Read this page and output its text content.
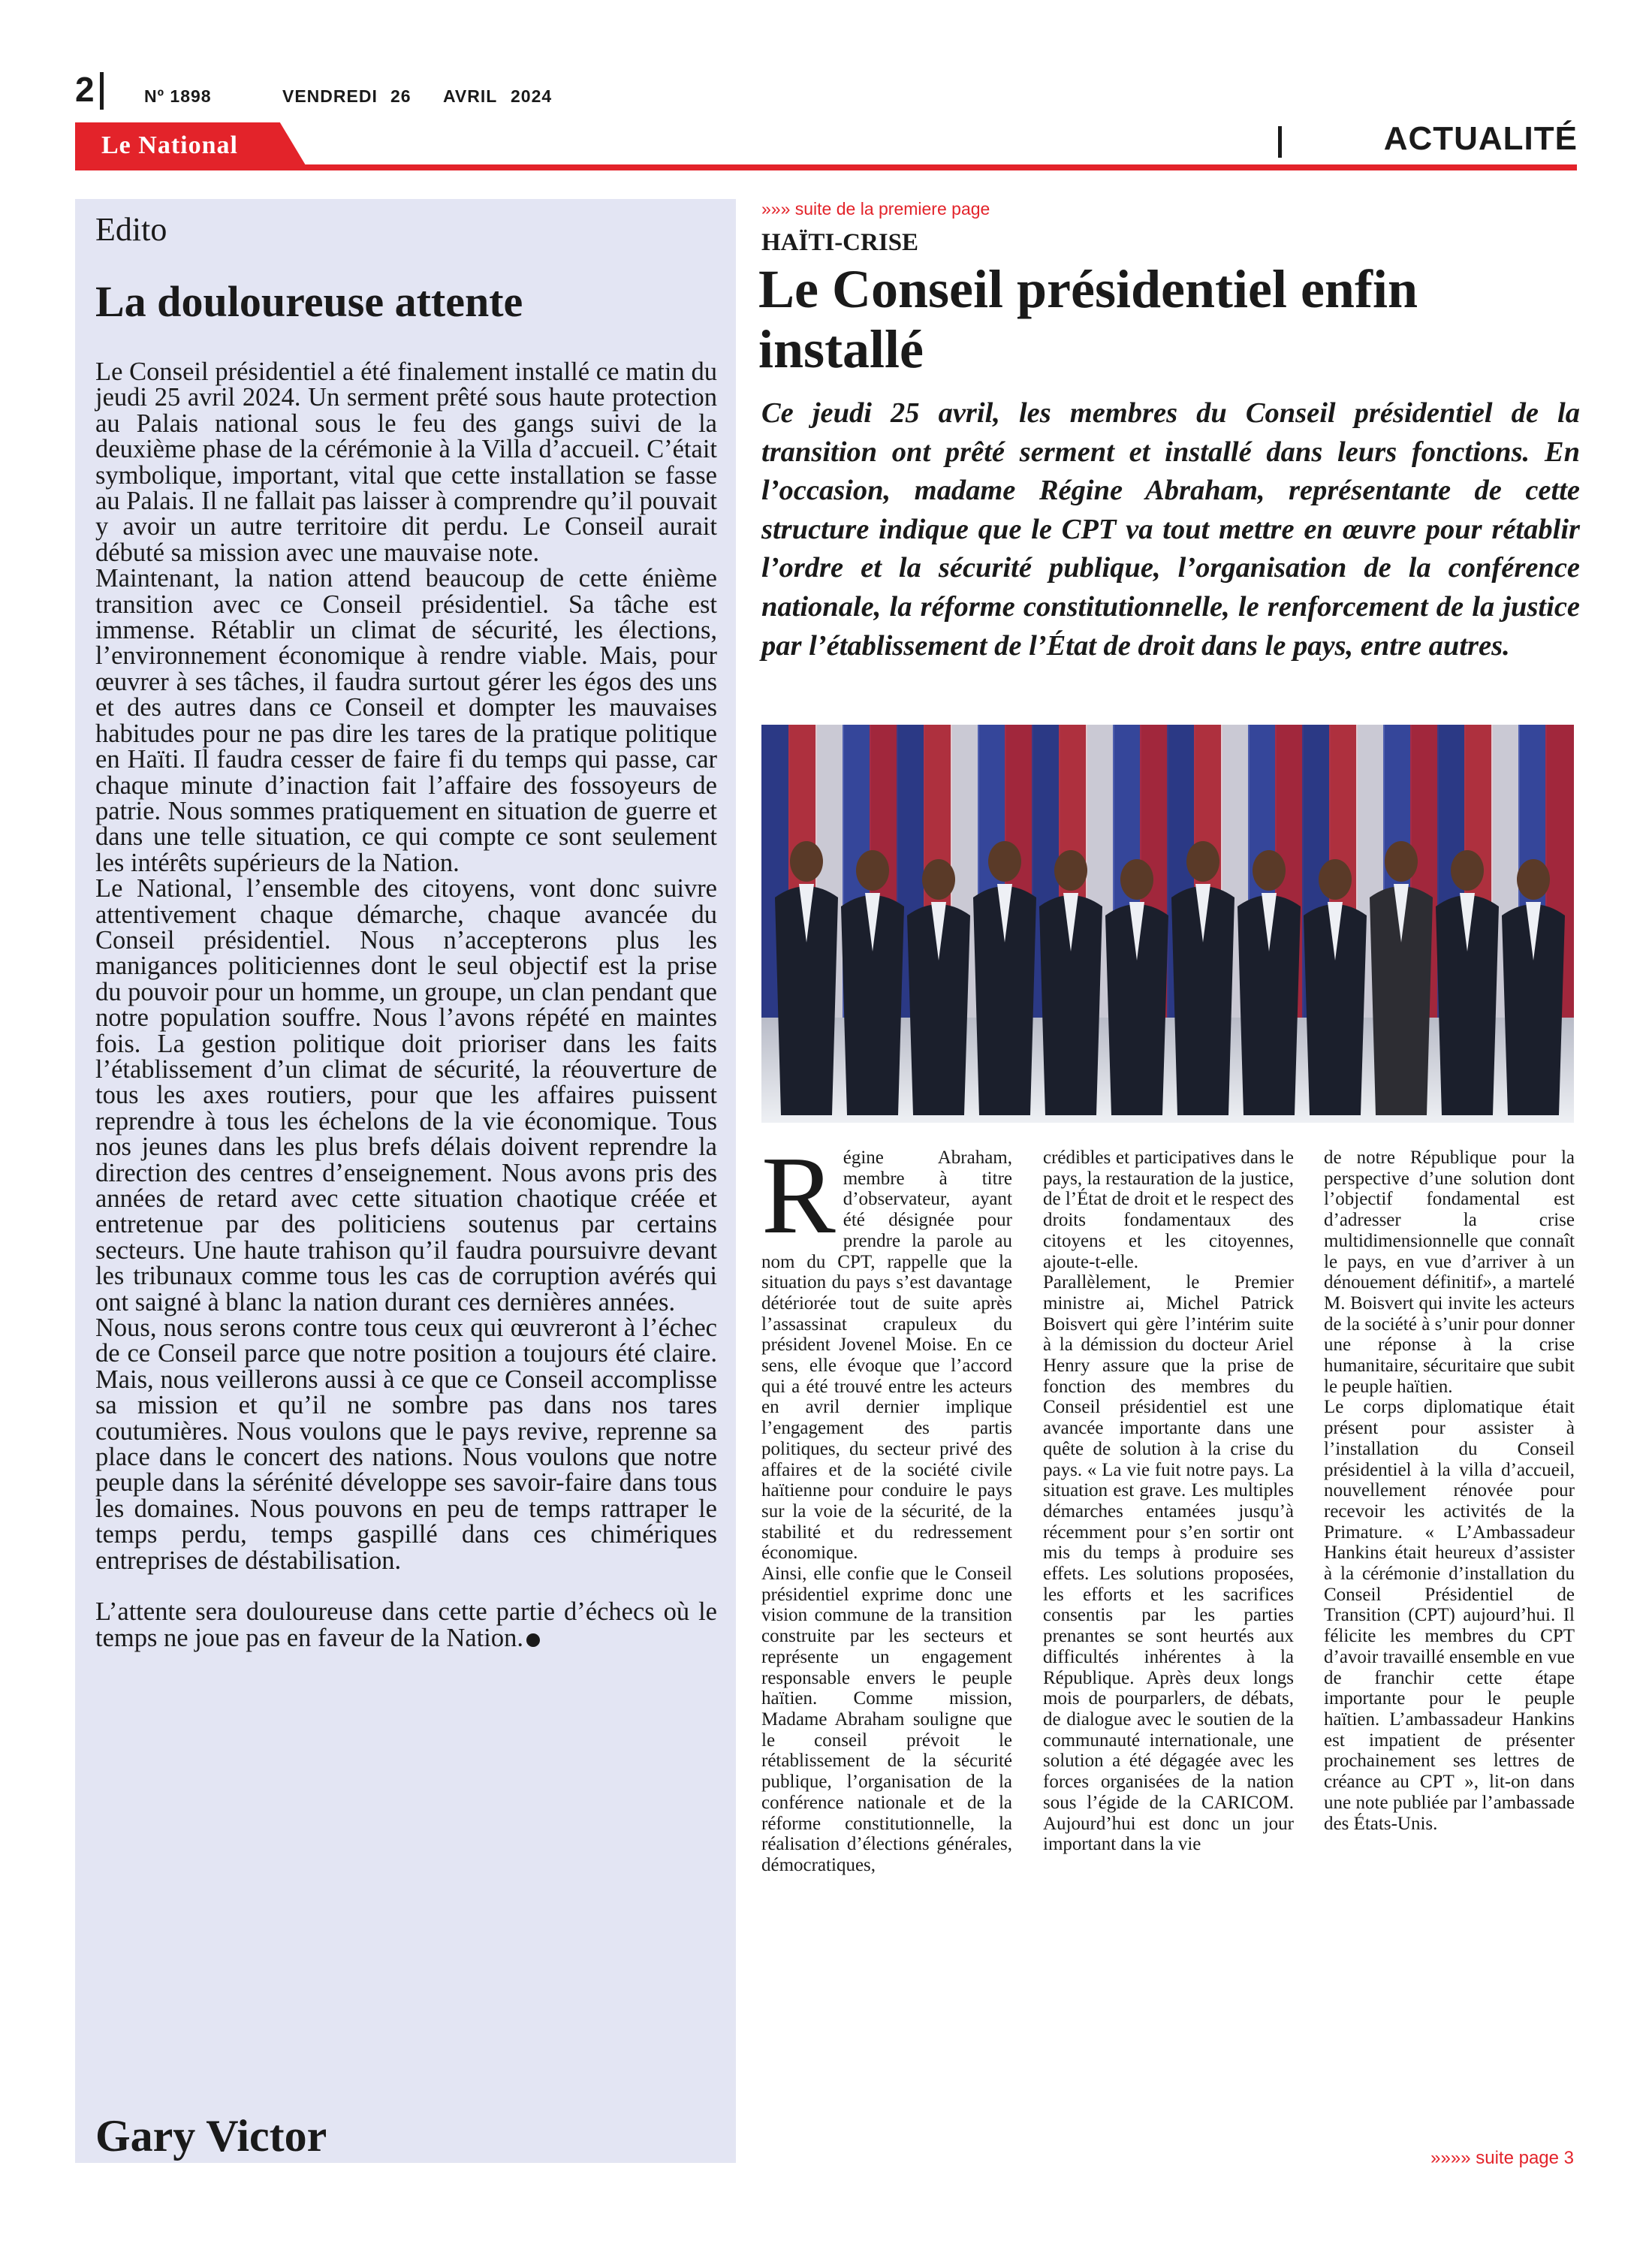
2	Nº 1898	VENDREDI 26 AVRIL 2024
Le National	ACTUALITÉ
Edito
La douloureuse attente

Le Conseil présidentiel a été finalement installé ce matin du jeudi 25 avril 2024. Un serment prêté sous haute protection au Palais national sous le feu des gangs suivi de la deuxième phase de la cérémonie à la Villa d’accueil. C’était symbolique, important, vital que cette installation se fasse au Palais. Il ne fallait pas laisser à comprendre qu’il pouvait y avoir un autre territoire dit perdu. Le Conseil aurait débuté sa mission avec une mauvaise note.

Maintenant, la nation attend beaucoup de cette énième transition avec ce Conseil présidentiel. Sa tâche est immense. Rétablir un climat de sécurité, les élections, l’environnement économique à rendre viable. Mais, pour œuvrer à ses tâches, il faudra surtout gérer les égos des uns et des autres dans ce Conseil et dompter les mauvaises habitudes pour ne pas dire les tares de la pratique politique en Haïti. Il faudra cesser de faire fi du temps qui passe, car chaque minute d’inaction fait l’affaire des fossoyeurs de patrie. Nous sommes pratiquement en situation de guerre et dans une telle situation, ce qui compte ce sont seulement les intérêts supérieurs de la Nation.

Le National, l’ensemble des citoyens, vont donc suivre attentivement chaque démarche, chaque avancée du Conseil présidentiel. Nous n’accepterons plus les manigances politiciennes dont le seul objectif est la prise du pouvoir pour un homme, un groupe, un clan pendant que notre population souffre. Nous l’avons répété en maintes fois. La gestion politique doit prioriser dans les faits l’établissement d’un climat de sécurité, la réouverture de tous les axes routiers, pour que les affaires puissent reprendre à tous les échelons de la vie économique. Tous nos jeunes dans les plus brefs délais doivent reprendre la direction des centres d’enseignement. Nous avons pris des années de retard avec cette situation chaotique créée et entretenue par des politiciens soutenus par certains secteurs. Une haute trahison qu’il faudra poursuivre devant les tribunaux comme tous les cas de corruption avérés qui ont saigné à blanc la nation durant ces dernières années.

Nous, nous serons contre tous ceux qui œuvreront à l’échec de ce Conseil parce que notre position a toujours été claire. Mais, nous veillerons aussi à ce que ce Conseil accomplisse sa mission et qu’il ne sombre pas dans nos tares coutumières. Nous voulons que le pays revive, reprenne sa place dans le concert des nations. Nous voulons que notre peuple dans la sérénité développe ses savoir-faire dans tous les domaines. Nous pouvons en peu de temps rattraper le temps perdu, temps gaspillé dans ces chimériques entreprises de déstabilisation.

L’attente sera douloureuse dans cette partie d’échecs où le temps ne joue pas en faveur de la Nation.

Gary Victor
»»» suite de la premiere page
HAÏTI-CRISE
Le Conseil présidentiel enfin installé
Ce jeudi 25 avril, les membres du Conseil présidentiel de la transition ont prêté serment et installé dans leurs fonctions. En l’occasion, madame Régine Abraham, représentante de cette structure indique que le CPT va tout mettre en œuvre pour rétablir l’ordre et la sécurité publique, l’organisation de la conférence nationale, la réforme constitutionnelle, le renforcement de la justice par l’établissement de l’État de droit dans le pays, entre autres.
R égine Abraham, membre à titre d’observateur, ayant été désignée pour prendre la parole au nom du CPT, rappelle que la situation du pays s’est davantage détériorée tout de suite après l’assassinat crapuleux du président Jovenel Moise. En ce sens, elle évoque que l’accord qui a été trouvé entre les acteurs en avril dernier implique l’engagement des partis politiques, du secteur privé des affaires et de la société civile haïtienne pour conduire le pays sur la voie de la sécurité, de la stabilité et du redressement économique.

Ainsi, elle confie que le Conseil présidentiel exprime donc une vision commune de la transition construite par les secteurs et représente un engagement responsable envers le peuple haïtien. Comme mission, Madame Abraham souligne que le conseil prévoit le rétablissement de la sécurité publique, l’organisation de la conférence nationale et de la réforme constitutionnelle, la réalisation d’élections générales, démocratiques,

crédibles et participatives dans le pays, la restauration de la justice, de l’État de droit et le respect des droits fondamentaux des citoyens et les citoyennes, ajoute-t-elle.

Parallèlement, le Premier ministre ai, Michel Patrick Boisvert qui gère l’intérim suite à la démission du docteur Ariel Henry assure que la prise de fonction des membres du Conseil présidentiel est une avancée importante dans une quête de solution à la crise du pays. « La vie fuit notre pays. La situation est grave. Les multiples démarches entamées jusqu’à récemment pour s’en sortir ont mis du temps à produire ses effets. Les solutions proposées, les efforts et les sacrifices consentis par les parties prenantes se sont heurtés aux difficultés inhérentes à la République. Après deux longs mois de pourparlers, de débats, de dialogue avec le soutien de la communauté internationale, une solution a été dégagée avec les forces organisées de la nation sous l’égide de la CARICOM. Aujourd’hui est donc un jour important dans la vie

de notre République pour la perspective d’une solution dont l’objectif fondamental est d’adresser la crise multidimensionnelle que connaît le pays, en vue d’arriver à un dénouement définitif», a martelé M. Boisvert qui invite les acteurs de la société à s’unir pour donner une réponse à la crise humanitaire, sécuritaire que subit le peuple haïtien.

Le corps diplomatique était présent pour assister à l’installation du Conseil présidentiel à la villa d’accueil, nouvellement rénovée pour recevoir les activités de la Primature. « L’Ambassadeur Hankins était heureux d’assister à la cérémonie d’installation du Conseil Présidentiel de Transition (CPT) aujourd’hui. Il félicite les membres du CPT d’avoir travaillé ensemble en vue de franchir cette étape importante pour le peuple haïtien. L’ambassadeur Hankins est impatient de présenter prochainement ses lettres de créance au CPT », lit-on dans une note publiée par l’ambassade des États-Unis.

»»»» suite page 3
